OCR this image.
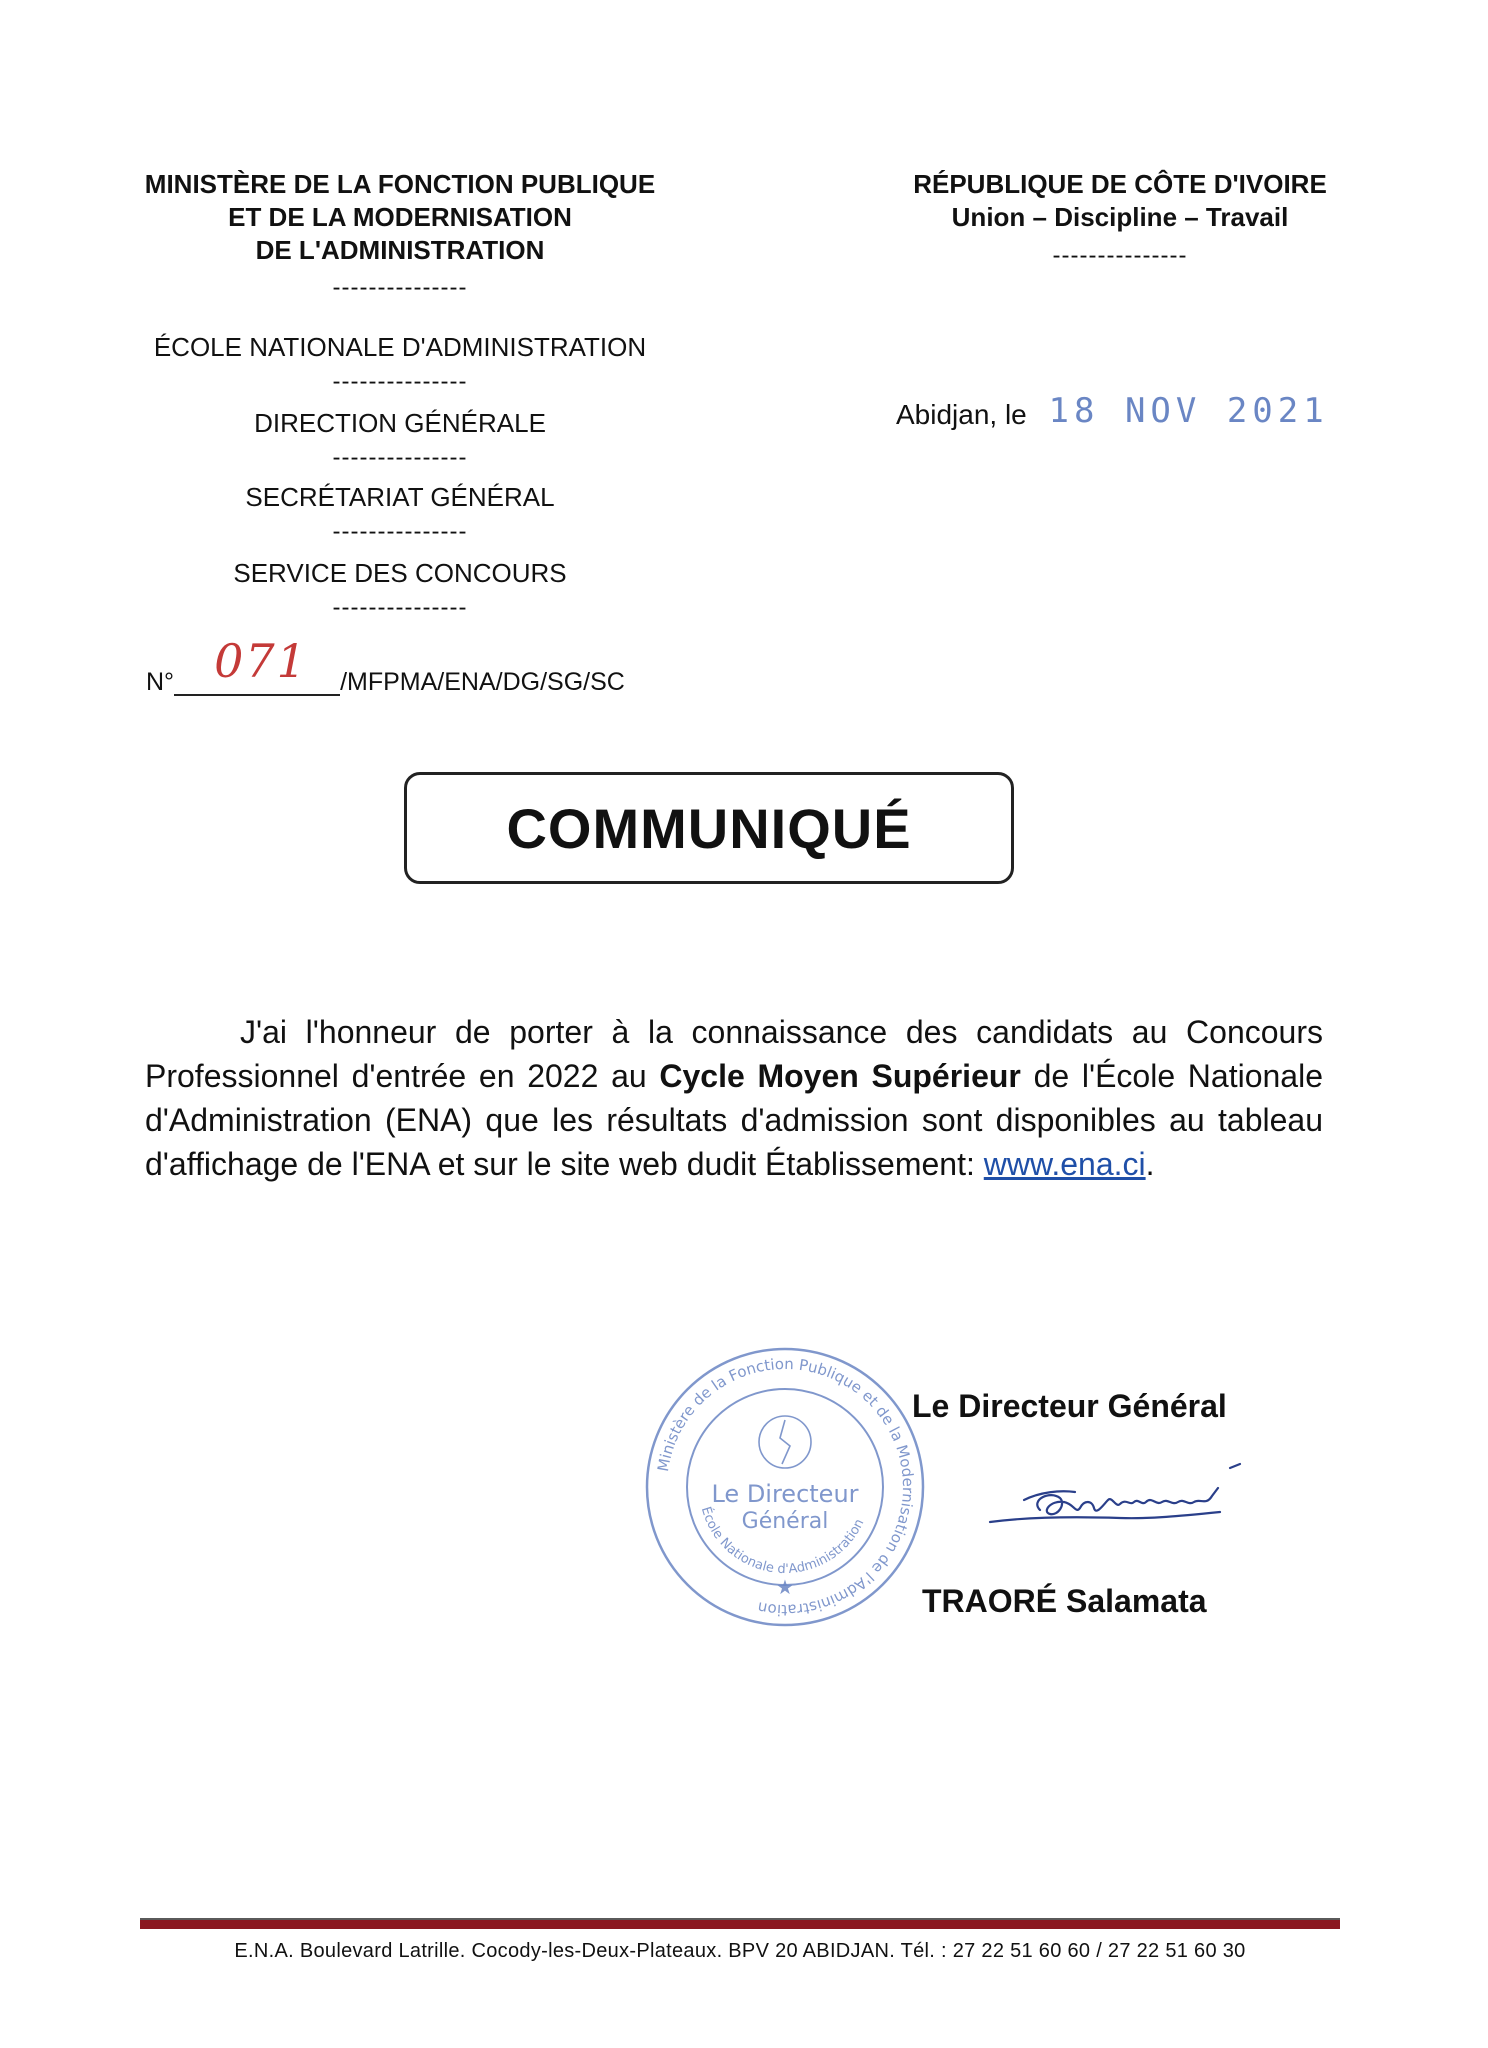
MINISTÈRE DE LA FONCTION PUBLIQUE
ET DE LA MODERNISATION
DE L'ADMINISTRATION
---------------
ÉCOLE NATIONALE D'ADMINISTRATION
---------------
DIRECTION GÉNÉRALE
---------------
SECRÉTARIAT GÉNÉRAL
---------------
SERVICE DES CONCOURS
---------------
RÉPUBLIQUE DE CÔTE D'IVOIRE
Union – Discipline – Travail
---------------
Abidjan, le 18 NOV 2021
N° 071 /MFPMA/ENA/DG/SG/SC
COMMUNIQUÉ

J'ai l'honneur de porter à la connaissance des candidats au Concours Professionnel d'entrée en 2022 au Cycle Moyen Supérieur de l'École Nationale d'Administration (ENA) que les résultats d'admission sont disponibles au tableau d'affichage de l'ENA et sur le site web dudit Établissement: www.ena.ci.

Ministère de la Fonction Publique et de la Modernisation de l'Administration
École Nationale d'Administration
Le Directeur
Général
★
Le Directeur Général
TRAORÉ Salamata
E.N.A. Boulevard Latrille. Cocody-les-Deux-Plateaux. BPV 20 ABIDJAN. Tél. : 27 22 51 60 60 / 27 22 51 60 30
